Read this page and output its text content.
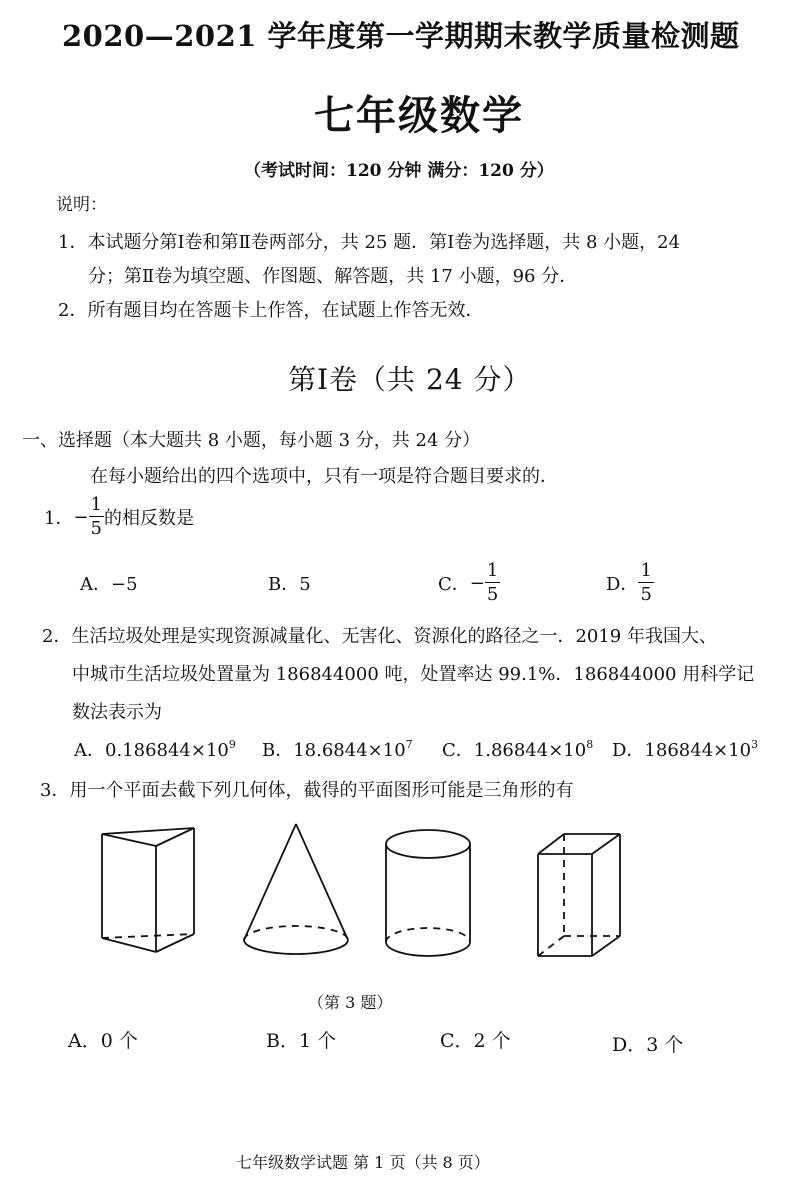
2020—2021 学年度第一学期期末教学质量检测题
七年级数学
（考试时间：120 分钟 满分：120 分）
说明：
1．本试题分第Ⅰ卷和第Ⅱ卷两部分，共 25 题．第Ⅰ卷为选择题，共 8 小题，24
分；第Ⅱ卷为填空题、作图题、解答题，共 17 小题，96 分．
2．所有题目均在答题卡上作答，在试题上作答无效．
第Ⅰ卷（共 24 分）
一、选择题（本大题共 8 小题，每小题 3 分，共 24 分）
在每小题给出的四个选项中，只有一项是符合题目要求的．
1． − $\frac{1}{5}$ 的相反数是
A．−5	B．5	C． − $\frac{1}{5}$	D． $\frac{1}{5}$
2．生活垃圾处理是实现资源减量化、无害化、资源化的路径之一．2019 年我国大、
中城市生活垃圾处置量为 186844000 吨，处置率达 99.1%．186844000 用科学记
数法表示为
A．$0.186844\times 10^9$ B．$18.6844\times 10^7$ C．$1.86844\times 10^8$ D．$186844\times 10^3$
3．用一个平面去截下列几何体，截得的平面图形可能是三角形的有
（第 3 题）
A．0 个	B．1 个	C．2 个	D．3 个
七年级数学试题 第 1 页（共 8 页）
